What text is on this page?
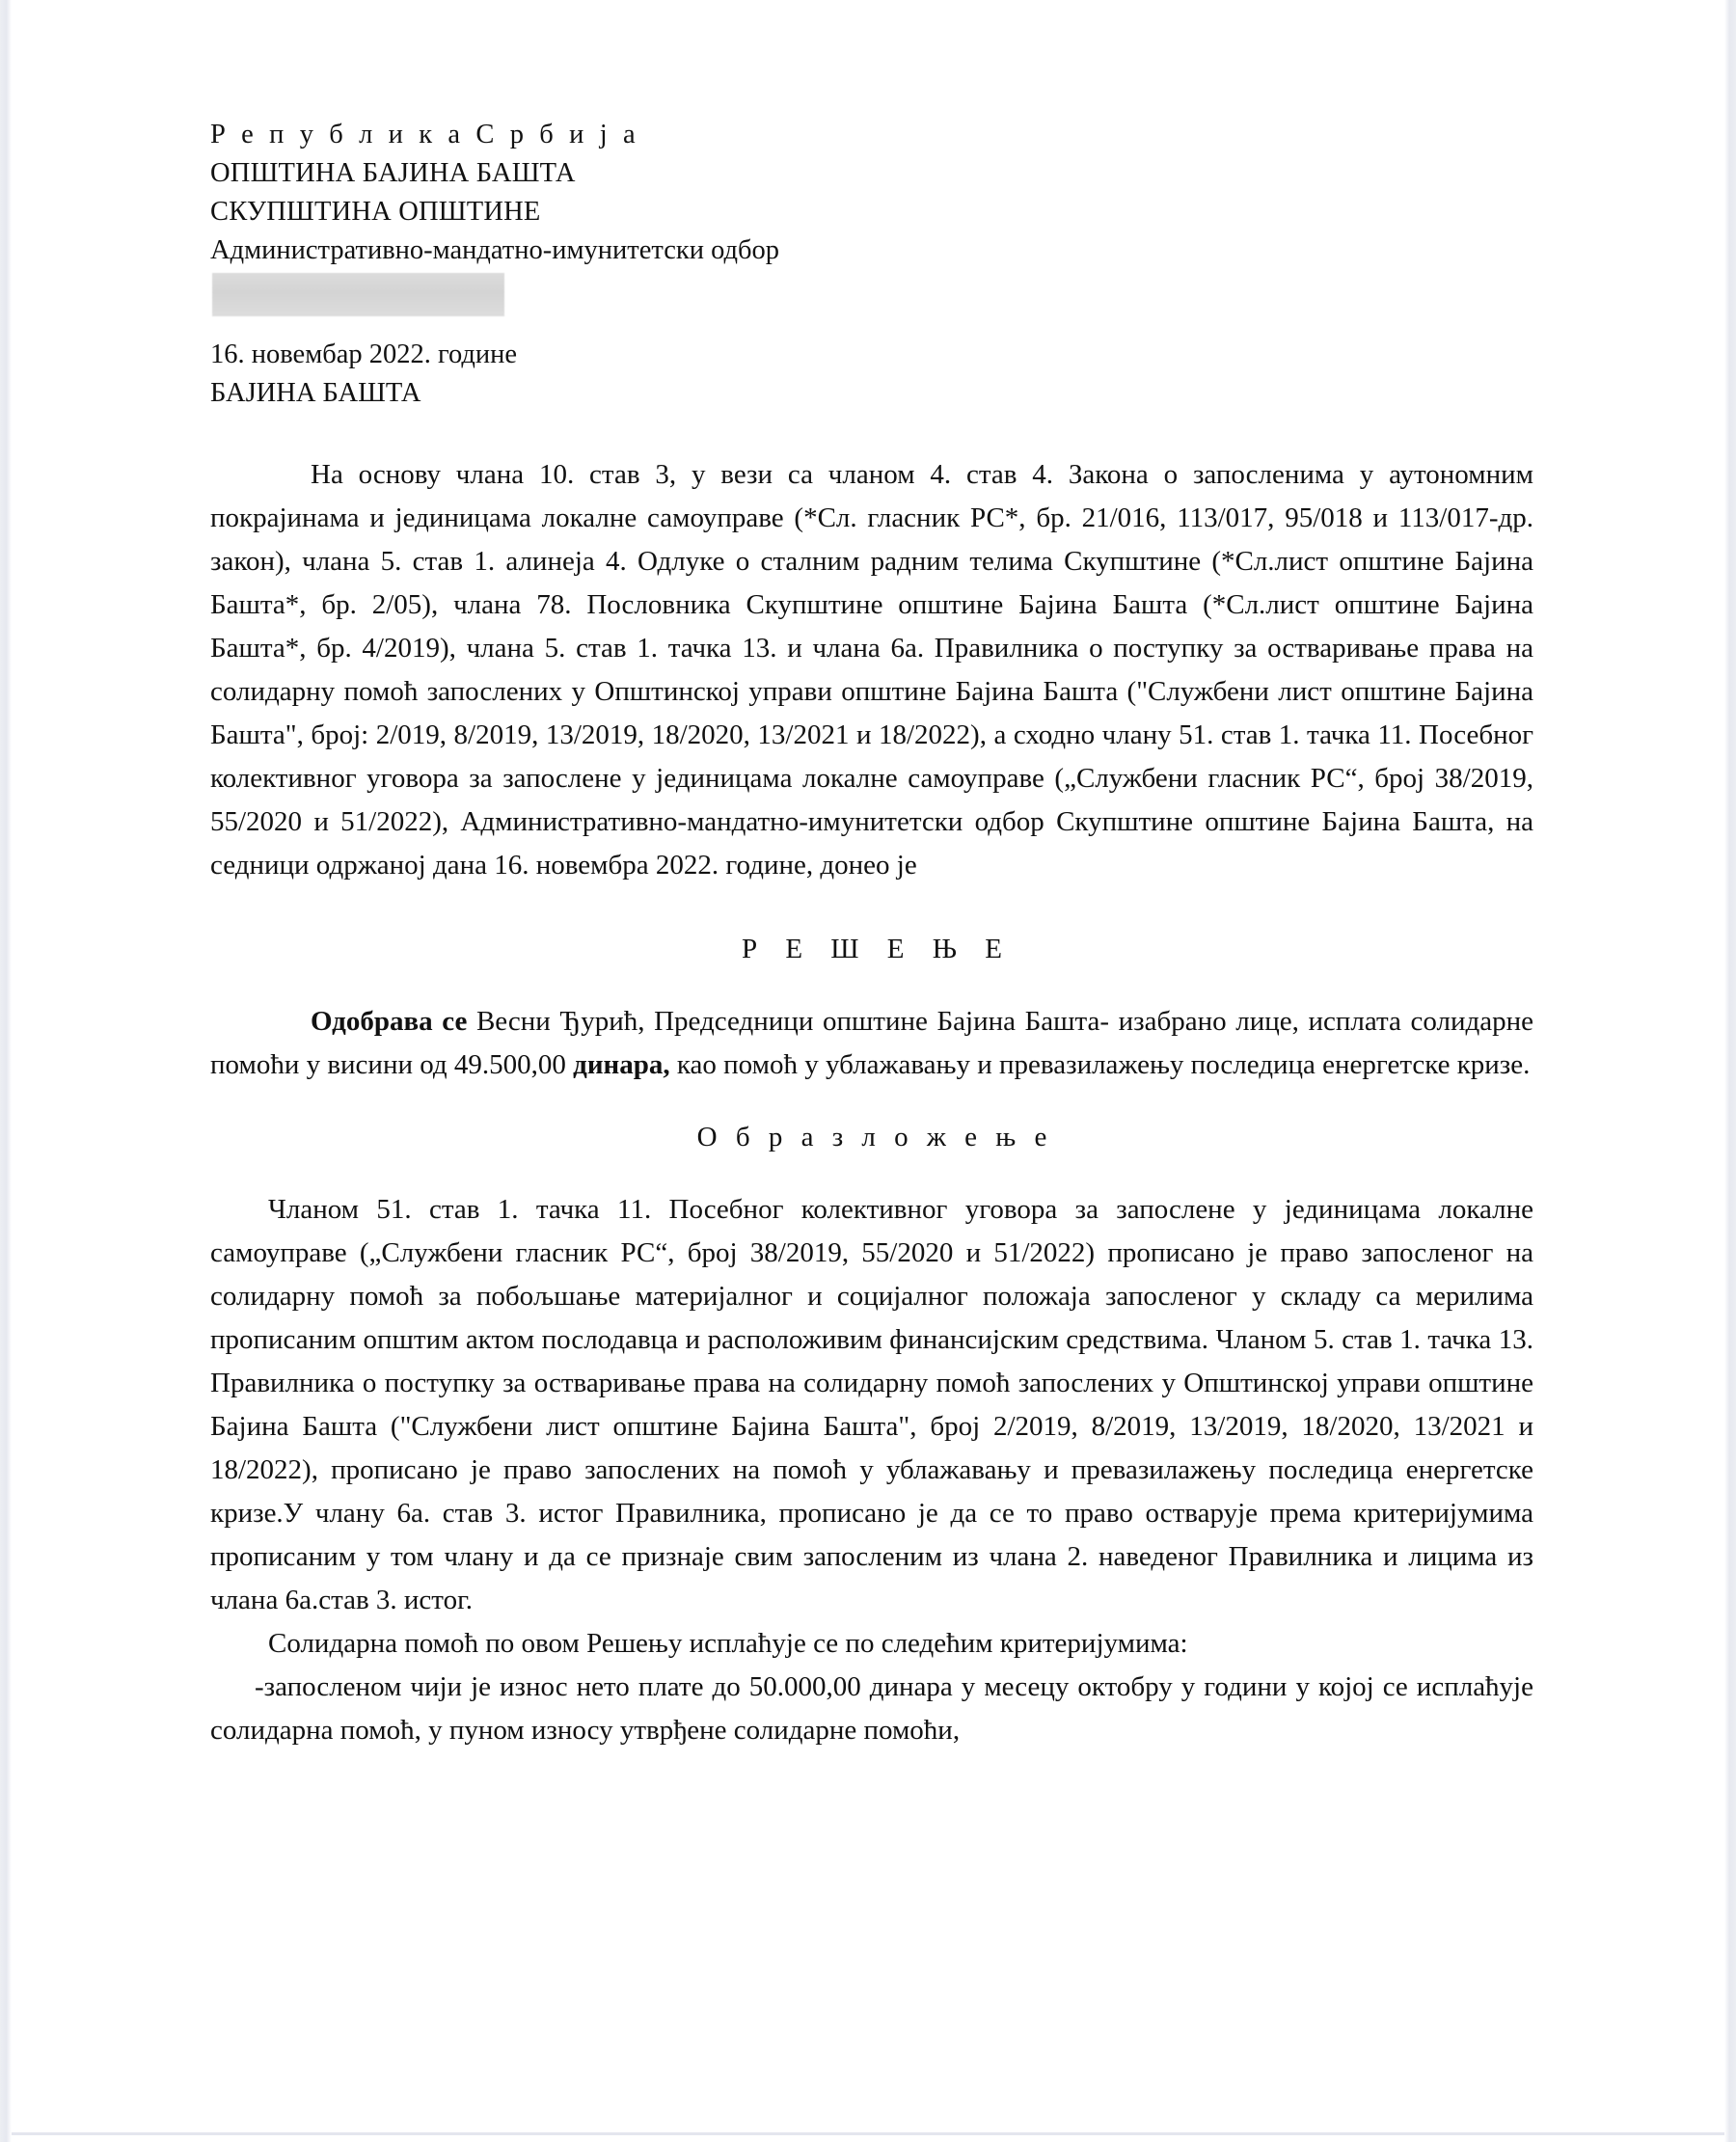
Р е п у б л и к а С р б и ј а
ОПШТИНА БАЈИНА БАШТА
СКУПШТИНА ОПШТИНЕ
Административно-мандатно-имунитетски одбор
16. новембар 2022. године
БАЈИНА БАШТА

На основу члана 10. став 3, у вези са чланом 4. став 4. Закона о запосленима у аутономним покрајинама и јединицама локалне самоуправе (*Сл. гласник РС*, бр. 21/016, 113/017, 95/018 и 113/017-др. закон), члана 5. став 1. алинеја 4. Одлуке о сталним радним телима Скупштине (*Сл.лист општине Бајина Башта*, бр. 2/05), члана 78. Пословника Скупштине општине Бајина Башта (*Сл.лист општине Бајина Башта*, бр. 4/2019), члана 5. став 1. тачка 13. и члана 6а. Правилника о поступку за остваривање права на солидарну помоћ запослених у Општинској управи општине Бајина Башта ("Службени лист општине Бајина Башта", број: 2/019, 8/2019, 13/2019, 18/2020, 13/2021 и 18/2022), а сходно члану 51. став 1. тачка 11. Посебног колективног уговора за запослене у јединицама локалне самоуправе („Службени гласник РС“, број 38/2019, 55/2020 и 51/2022), Административно-мандатно-имунитетски одбор Скупштине општине Бајина Башта, на седници одржаној дана 16. новембра 2022. године, донео је

Р Е Ш Е Њ Е

Одобрава се Весни Ђурић, Председници општине Бајина Башта- изабрано лице, исплата солидарне помоћи у висини од 49.500,00 динара, као помоћ у ублажавању и превазилажењу последица енергетске кризе.

О б р а з л о ж е њ е

Чланом 51. став 1. тачка 11. Посебног колективног уговора за запослене у јединицама локалне самоуправе („Службени гласник РС“, број 38/2019, 55/2020 и 51/2022) прописано је право запосленог на солидарну помоћ за побољшање материјалног и социјалног положаја запосленог у складу са мерилима прописаним општим актом послодавца и расположивим финансијским средствима. Чланом 5. став 1. тачка 13. Правилника о поступку за остваривање права на солидарну помоћ запослених у Општинској управи општине Бајина Башта ("Службени лист општине Бајина Башта", број 2/2019, 8/2019, 13/2019, 18/2020, 13/2021 и 18/2022), прописано је право запослених на помоћ у ублажавању и превазилажењу последица енергетске кризе.У члану 6а. став 3. истог Правилника, прописано је да се то право остварује према критеријумима прописаним у том члану и да се признаје свим запосленим из члана 2. наведеног Правилника и лицима из члана 6а.став 3. истог.

Солидарна помоћ по овом Решењу исплаћује се по следећим критеријумима:

-запосленом чији је износ нето плате до 50.000,00 динара у месецу октобру у години у којој се исплаћује солидарна помоћ, у пуном износу утврђене солидарне помоћи,
